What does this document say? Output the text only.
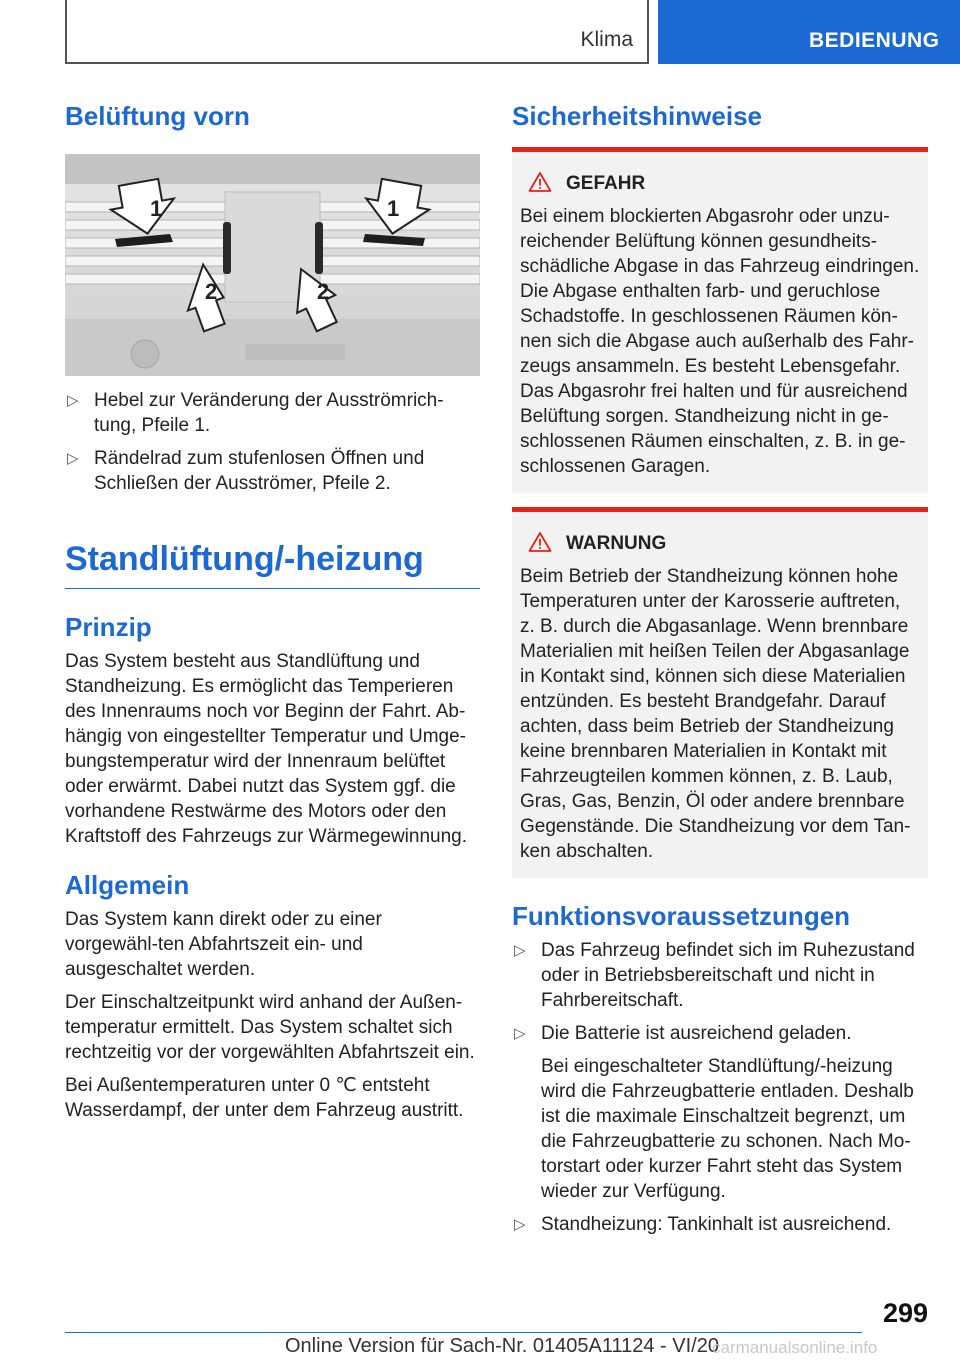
Klima	BEDIENUNG
Belüftung vorn
1	1
2	2
▷ Hebel zur Veränderung der Ausströmrich-tung, Pfeile 1.
▷ Rändelrad zum stufenlosen Öffnen und Schließen der Ausströmer, Pfeile 2.
Standlüftung/-heizung
Prinzip

Das System besteht aus Standlüftung und Standheizung. Es ermöglicht das Temperieren des Innenraums noch vor Beginn der Fahrt. Ab-hängig von eingestellter Temperatur und Umge-bungstemperatur wird der Innenraum belüftet oder erwärmt. Dabei nutzt das System ggf. die vorhandene Restwärme des Motors oder den Kraftstoff des Fahrzeugs zur Wärmegewinnung.

Allgemein

Das System kann direkt oder zu einer vorgewähl-ten Abfahrtszeit ein- und ausgeschaltet werden.

Der Einschaltzeitpunkt wird anhand der Außen-temperatur ermittelt. Das System schaltet sich rechtzeitig vor der vorgewählten Abfahrtszeit ein.

Bei Außentemperaturen unter 0 ℃ entsteht Wasserdampf, der unter dem Fahrzeug austritt.

Sicherheitshinweise
GEFAHR

Bei einem blockierten Abgasrohr oder unzu-reichender Belüftung können gesundheits-schädliche Abgase in das Fahrzeug eindringen. Die Abgase enthalten farb- und geruchlose Schadstoffe. In geschlossenen Räumen kön-nen sich die Abgase auch außerhalb des Fahr-zeugs ansammeln. Es besteht Lebensgefahr. Das Abgasrohr frei halten und für ausreichend Belüftung sorgen. Standheizung nicht in ge-schlossenen Räumen einschalten, z. B. in ge-schlossenen Garagen.

WARNUNG

Beim Betrieb der Standheizung können hohe Temperaturen unter der Karosserie auftreten, z. B. durch die Abgasanlage. Wenn brennbare Materialien mit heißen Teilen der Abgasanlage in Kontakt sind, können sich diese Materialien entzünden. Es besteht Brandgefahr. Darauf achten, dass beim Betrieb der Standheizung keine brennbaren Materialien in Kontakt mit Fahrzeugteilen kommen können, z. B. Laub, Gras, Gas, Benzin, Öl oder andere brennbare Gegenstände. Die Standheizung vor dem Tan-ken abschalten.

Funktionsvoraussetzungen
▷ Das Fahrzeug befindet sich im Ruhezustand oder in Betriebsbereitschaft und nicht in Fahrbereitschaft.
▷ Die Batterie ist ausreichend geladen.

Bei eingeschalteter Standlüftung/-heizung wird die Fahrzeugbatterie entladen. Deshalb ist die maximale Einschaltzeit begrenzt, um die Fahrzeugbatterie zu schonen. Nach Mo-torstart oder kurzer Fahrt steht das System wieder zur Verfügung.

▷ Standheizung: Tankinhalt ist ausreichend.
299
Online Version für Sach-Nr. 01405A11124 - VI/20
carmanualsonline.info
